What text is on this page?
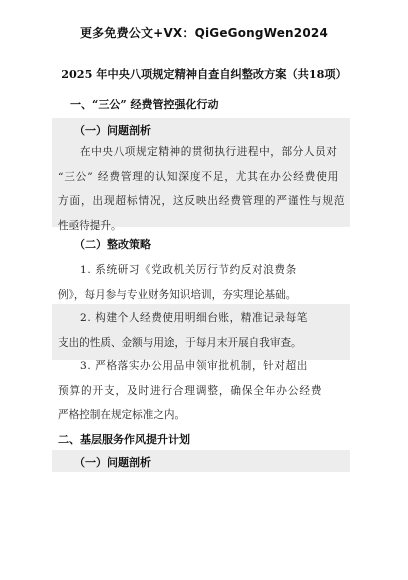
更多免费公文+VX：QiGeGongWen2024
2025 年中央八项规定精神自查自纠整改方案（共18项）
一、“三公” 经费管控强化行动
（一）问题剖析
在中央八项规定精神的贯彻执行进程中，部分人员对
“三公” 经费管理的认知深度不足，尤其在办公经费使用
方面，出现超标情况，这反映出经费管理的严谨性与规范
性亟待提升。
（二）整改策略
1. 系统研习《党政机关厉行节约反对浪费条
例》，每月参与专业财务知识培训，夯实理论基础。
2. 构建个人经费使用明细台账，精准记录每笔
支出的性质、金额与用途，于每月末开展自我审查。
3. 严格落实办公用品申领审批机制，针对超出
预算的开支，及时进行合理调整，确保全年办公经费
严格控制在规定标准之内。
二、基层服务作风提升计划
（一）问题剖析
